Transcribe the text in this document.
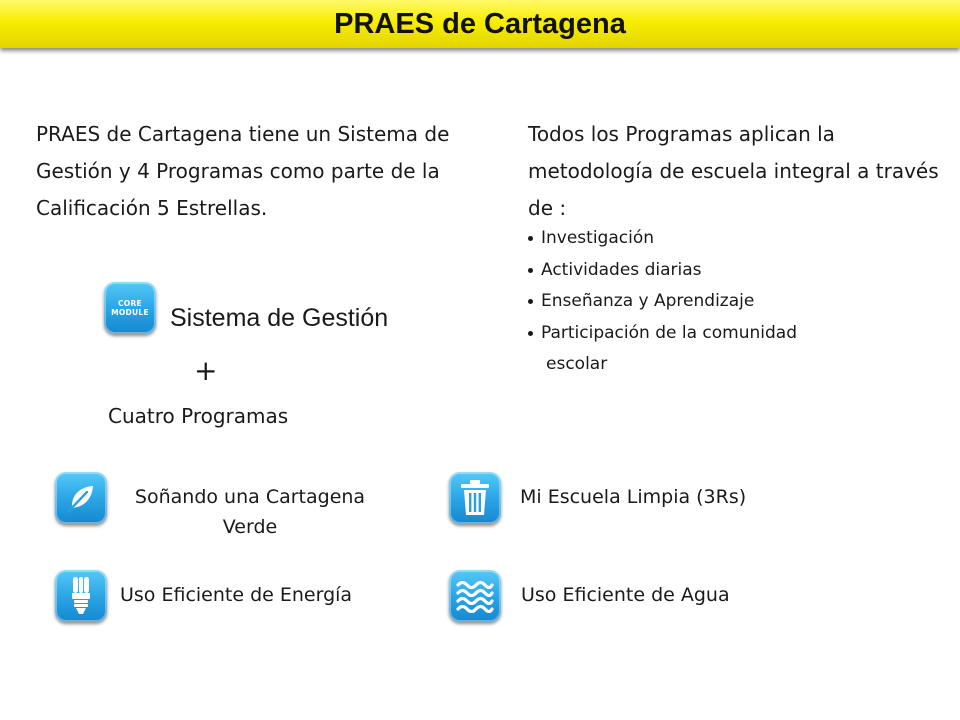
PRAES de Cartagena

PRAES de Cartagena tiene un Sistema de Gestión y 4 Programas como parte de la Calificación 5 Estrellas.

Todos los Programas aplican la metodología de escuela integral a través de :

Investigación
Actividades diarias
Enseñanza y Aprendizaje
Participación de la comunidad
escolar
CORE
MODULE Sistema de Gestión
+
Cuatro Programas

Soñando una Cartagena
Verde

Mi Escuela Limpia (3Rs)

Uso Eficiente de Energía	Uso Eficiente de Agua
